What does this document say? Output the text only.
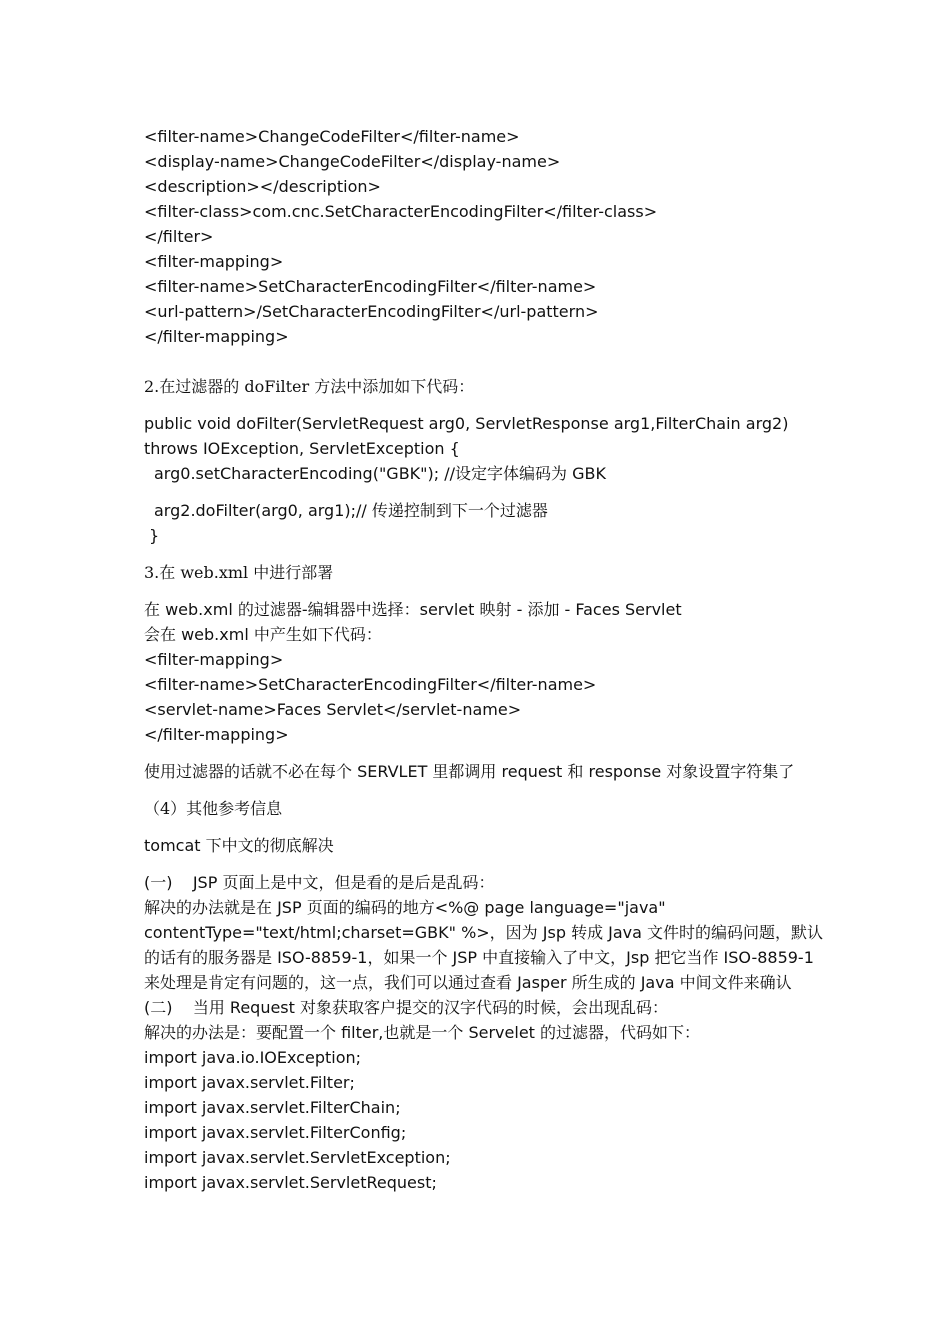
<filter-name>ChangeCodeFilter</filter-name>

<display-name>ChangeCodeFilter</display-name>

<description></description>

<filter-class>com.cnc.SetCharacterEncodingFilter</filter-class>

</filter>

<filter-mapping>

<filter-name>SetCharacterEncodingFilter</filter-name>

<url-pattern>/SetCharacterEncodingFilter</url-pattern>

</filter-mapping>

2.在过滤器的 doFilter 方法中添加如下代码：

public void doFilter(ServletRequest arg0, ServletResponse arg1,FilterChain arg2)

throws IOException, ServletException {

arg0.setCharacterEncoding("GBK"); //设定字体编码为 GBK

arg2.doFilter(arg0, arg1);// 传递控制到下一个过滤器

}

3.在 web.xml 中进行部署

在 web.xml 的过滤器-编辑器中选择：servlet 映射 - 添加 - Faces Servlet

会在 web.xml 中产生如下代码：

<filter-mapping>

<filter-name>SetCharacterEncodingFilter</filter-name>

<servlet-name>Faces Servlet</servlet-name>

</filter-mapping>

使用过滤器的话就不必在每个 SERVLET 里都调用 request 和 response 对象设置字符集了

（4）其他参考信息

tomcat 下中文的彻底解决

(一)    JSP 页面上是中文，但是看的是后是乱码：

解决的办法就是在 JSP 页面的编码的地方<%@ page language="java"

contentType="text/html;charset=GBK" %>，因为 Jsp 转成 Java 文件时的编码问题，默认

的话有的服务器是 ISO-8859-1，如果一个 JSP 中直接输入了中文，Jsp 把它当作 ISO-8859-1

来处理是肯定有问题的，这一点，我们可以通过查看 Jasper 所生成的 Java 中间文件来确认

(二)    当用 Request 对象获取客户提交的汉字代码的时候，会出现乱码：

解决的办法是：要配置一个 filter,也就是一个 Servelet 的过滤器，代码如下：

import java.io.IOException;

import javax.servlet.Filter;

import javax.servlet.FilterChain;

import javax.servlet.FilterConfig;

import javax.servlet.ServletException;

import javax.servlet.ServletRequest;
